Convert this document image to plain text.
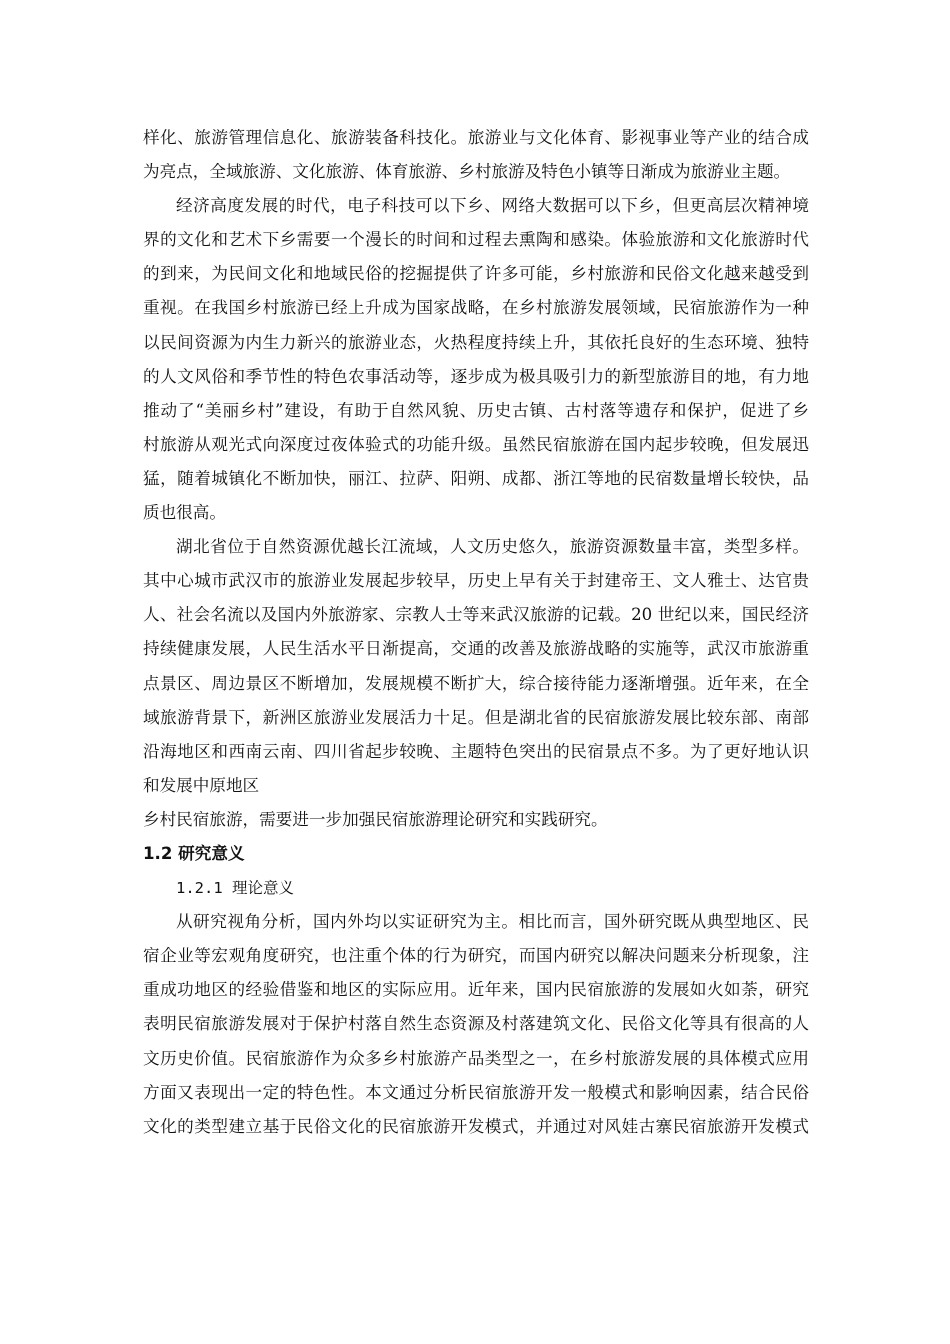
样化、旅游管理信息化、旅游装备科技化。旅游业与文化体育、影视事业等产业的结合成
为亮点，全域旅游、文化旅游、体育旅游、乡村旅游及特色小镇等日渐成为旅游业主题。
经济高度发展的时代，电子科技可以下乡、网络大数据可以下乡，但更高层次精神境
界的文化和艺术下乡需要一个漫长的时间和过程去熏陶和感染。体验旅游和文化旅游时代
的到来，为民间文化和地域民俗的挖掘提供了许多可能，乡村旅游和民俗文化越来越受到
重视。在我国乡村旅游已经上升成为国家战略，在乡村旅游发展领域，民宿旅游作为一种
以民间资源为内生力新兴的旅游业态，火热程度持续上升，其依托良好的生态环境、独特
的人文风俗和季节性的特色农事活动等，逐步成为极具吸引力的新型旅游目的地，有力地
推动了“美丽乡村”建设，有助于自然风貌、历史古镇、古村落等遗存和保护，促进了乡
村旅游从观光式向深度过夜体验式的功能升级。虽然民宿旅游在国内起步较晚，但发展迅
猛，随着城镇化不断加快，丽江、拉萨、阳朔、成都、浙江等地的民宿数量增长较快，品
质也很高。
湖北省位于自然资源优越长江流域，人文历史悠久，旅游资源数量丰富，类型多样。
其中心城市武汉市的旅游业发展起步较早，历史上早有关于封建帝王、文人雅士、达官贵
人、社会名流以及国内外旅游家、宗教人士等来武汉旅游的记载。20 世纪以来，国民经济
持续健康发展，人民生活水平日渐提高，交通的改善及旅游战略的实施等，武汉市旅游重
点景区、周边景区不断增加，发展规模不断扩大，综合接待能力逐渐增强。近年来，在全
域旅游背景下，新洲区旅游业发展活力十足。但是湖北省的民宿旅游发展比较东部、南部
沿海地区和西南云南、四川省起步较晚、主题特色突出的民宿景点不多。为了更好地认识
和发展中原地区
乡村民宿旅游，需要进一步加强民宿旅游理论研究和实践研究。
1.2 研究意义
1.2.1 理论意义
从研究视角分析，国内外均以实证研究为主。相比而言，国外研究既从典型地区、民
宿企业等宏观角度研究，也注重个体的行为研究，而国内研究以解决问题来分析现象，注
重成功地区的经验借鉴和地区的实际应用。近年来，国内民宿旅游的发展如火如荼，研究
表明民宿旅游发展对于保护村落自然生态资源及村落建筑文化、民俗文化等具有很高的人
文历史价值。民宿旅游作为众多乡村旅游产品类型之一，在乡村旅游发展的具体模式应用
方面又表现出一定的特色性。本文通过分析民宿旅游开发一般模式和影响因素，结合民俗
文化的类型建立基于民俗文化的民宿旅游开发模式，并通过对风娃古寨民宿旅游开发模式
